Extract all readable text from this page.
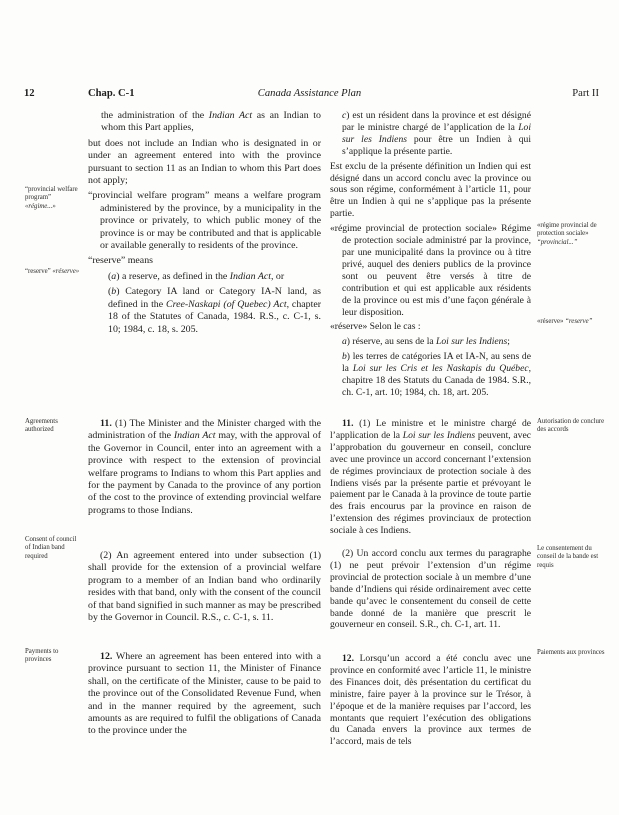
12	Chap. C-1	Canada Assistance Plan	Part II
“provincial welfare program” «régime...»
“reserve” «réserve»
Agreements authorized
Consent of council of Indian band required
Payments to provinces
«régime provincial de protection sociale» “provincial...”
«réserve» “reserve”
Autorisation de conclure des accords
Le consentement du conseil de la bande est requis
Paiements aux provinces

the administration of the Indian Act as an Indian to whom this Part applies,

but does not include an Indian who is designated in or under an agreement entered into with the province pursuant to section 11 as an Indian to whom this Part does not apply;

“provincial welfare program” means a welfare program administered by the province, by a municipality in the province or privately, to which public money of the province is or may be contributed and that is applicable or available generally to residents of the province.

“reserve” means

(a) a reserve, as defined in the Indian Act, or

(b) Category IA land or Category IA-N land, as defined in the Cree-Naskapi (of Quebec) Act, chapter 18 of the Statutes of Canada, 1984. R.S., c. C-1, s. 10; 1984, c. 18, s. 205.

11. (1) The Minister and the Minister charged with the administration of the Indian Act may, with the approval of the Governor in Council, enter into an agreement with a province with respect to the extension of provincial welfare programs to Indians to whom this Part applies and for the payment by Canada to the province of any portion of the cost to the province of extending provincial welfare programs to those Indians.

(2) An agreement entered into under subsection (1) shall provide for the extension of a provincial welfare program to a member of an Indian band who ordinarily resides with that band, only with the consent of the council of that band signified in such manner as may be prescribed by the Governor in Council. R.S., c. C-1, s. 11.

12. Where an agreement has been entered into with a province pursuant to section 11, the Minister of Finance shall, on the certificate of the Minister, cause to be paid to the province out of the Consolidated Revenue Fund, when and in the manner required by the agreement, such amounts as are required to fulfil the obligations of Canada to the province under the

c) est un résident dans la province et est désigné par le ministre chargé de l’application de la Loi sur les Indiens pour être un Indien à qui s’applique la présente partie.

Est exclu de la présente définition un Indien qui est désigné dans un accord conclu avec la province ou sous son régime, conformément à l’article 11, pour être un Indien à qui ne s’applique pas la présente partie.

«régime provincial de protection sociale» Régime de protection sociale administré par la province, par une municipalité dans la province ou à titre privé, auquel des deniers publics de la province sont ou peuvent être versés à titre de contribution et qui est applicable aux résidents de la province ou est mis d’une façon générale à leur disposition.

«réserve» Selon le cas :

a) réserve, au sens de la Loi sur les Indiens;

b) les terres de catégories IA et IA-N, au sens de la Loi sur les Cris et les Naskapis du Québec, chapitre 18 des Statuts du Canada de 1984. S.R., ch. C-1, art. 10; 1984, ch. 18, art. 205.

11. (1) Le ministre et le ministre chargé de l’application de la Loi sur les Indiens peuvent, avec l’approbation du gouverneur en conseil, conclure avec une province un accord concernant l’extension de régimes provinciaux de protection sociale à des Indiens visés par la présente partie et prévoyant le paiement par le Canada à la province de toute partie des frais encourus par la province en raison de l’extension des régimes provinciaux de protection sociale à ces Indiens.

(2) Un accord conclu aux termes du paragraphe (1) ne peut prévoir l’extension d’un régime provincial de protection sociale à un membre d’une bande d’Indiens qui réside ordinairement avec cette bande qu’avec le consentement du conseil de cette bande donné de la manière que prescrit le gouverneur en conseil. S.R., ch. C-1, art. 11.

12. Lorsqu’un accord a été conclu avec une province en conformité avec l’article 11, le ministre des Finances doit, dès présentation du certificat du ministre, faire payer à la province sur le Trésor, à l’époque et de la manière requises par l’accord, les montants que requiert l’exécution des obligations du Canada envers la province aux termes de l’accord, mais de tels
